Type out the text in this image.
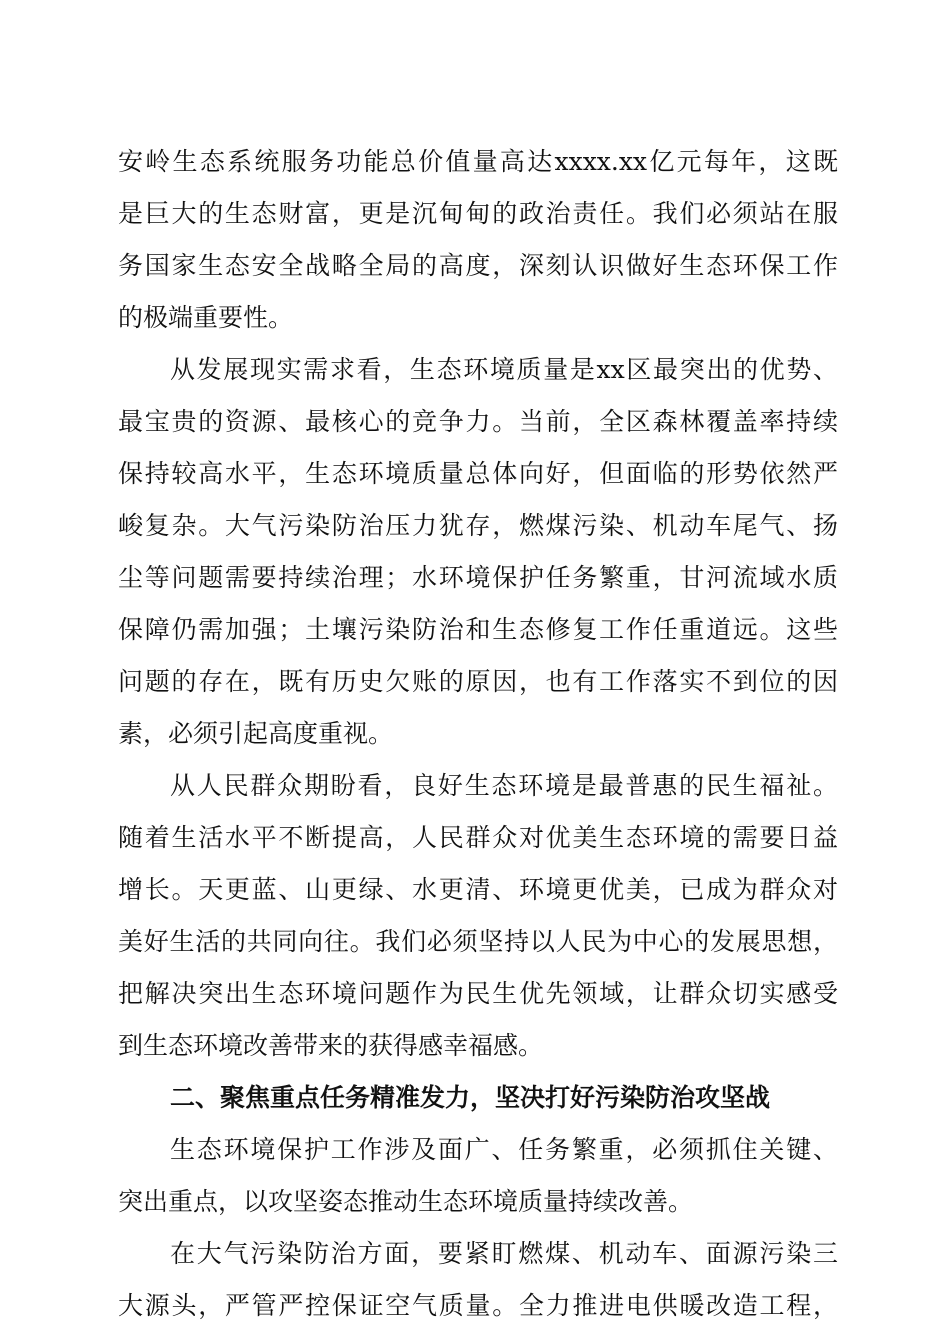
安岭生态系统服务功能总价值量高达xxxx.xx亿元每年，这既
是巨大的生态财富，更是沉甸甸的政治责任。我们必须站在服
务国家生态安全战略全局的高度，深刻认识做好生态环保工作
的极端重要性。
从发展现实需求看，生态环境质量是xx区最突出的优势、
最宝贵的资源、最核心的竞争力。当前，全区森林覆盖率持续
保持较高水平，生态环境质量总体向好，但面临的形势依然严
峻复杂。大气污染防治压力犹存，燃煤污染、机动车尾气、扬
尘等问题需要持续治理；水环境保护任务繁重，甘河流域水质
保障仍需加强；土壤污染防治和生态修复工作任重道远。这些
问题的存在，既有历史欠账的原因，也有工作落实不到位的因
素，必须引起高度重视。
从人民群众期盼看，良好生态环境是最普惠的民生福祉。
随着生活水平不断提高，人民群众对优美生态环境的需要日益
增长。天更蓝、山更绿、水更清、环境更优美，已成为群众对
美好生活的共同向往。我们必须坚持以人民为中心的发展思想，
把解决突出生态环境问题作为民生优先领域，让群众切实感受
到生态环境改善带来的获得感幸福感。
二、聚焦重点任务精准发力，坚决打好污染防治攻坚战
生态环境保护工作涉及面广、任务繁重，必须抓住关键、
突出重点，以攻坚姿态推动生态环境质量持续改善。
在大气污染防治方面，要紧盯燃煤、机动车、面源污染三
大源头，严管严控保证空气质量。全力推进电供暖改造工程，
